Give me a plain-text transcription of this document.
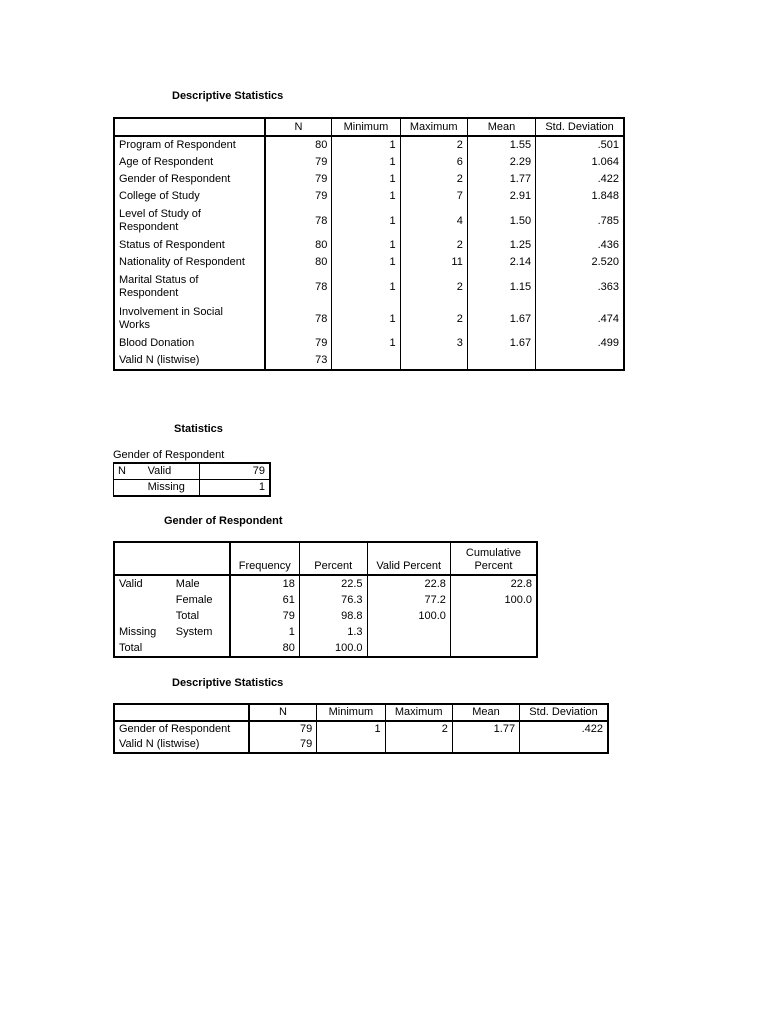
Descriptive Statistics
	N	Minimum	Maximum	Mean	Std. Deviation
Program of Respondent	80	1	2	1.55	.501
Age of Respondent	79	1	6	2.29	1.064
Gender of Respondent	79	1	2	1.77	.422
College of Study	79	1	7	2.91	1.848
Level of Study of
Respondent	78	1	4	1.50	.785
Status of Respondent	80	1	2	1.25	.436
Nationality of Respondent	80	1	11	2.14	2.520
Marital Status of
Respondent	78	1	2	1.15	.363
Involvement in Social
Works	78	1	2	1.67	.474
Blood Donation	79	1	3	1.67	.499
Valid N (listwise)	73				
Statistics
Gender of Respondent
N	Valid	79
	Missing	1
Gender of Respondent
		Frequency	Percent	Valid Percent	Cumulative
Percent
Valid	Male	18	22.5	22.8	22.8
	Female	61	76.3	77.2	100.0
	Total	79	98.8	100.0	
Missing	System	1	1.3		
Total		80	100.0		
Descriptive Statistics
	N	Minimum	Maximum	Mean	Std. Deviation
Gender of Respondent	79	1	2	1.77	.422
Valid N (listwise)	79				
